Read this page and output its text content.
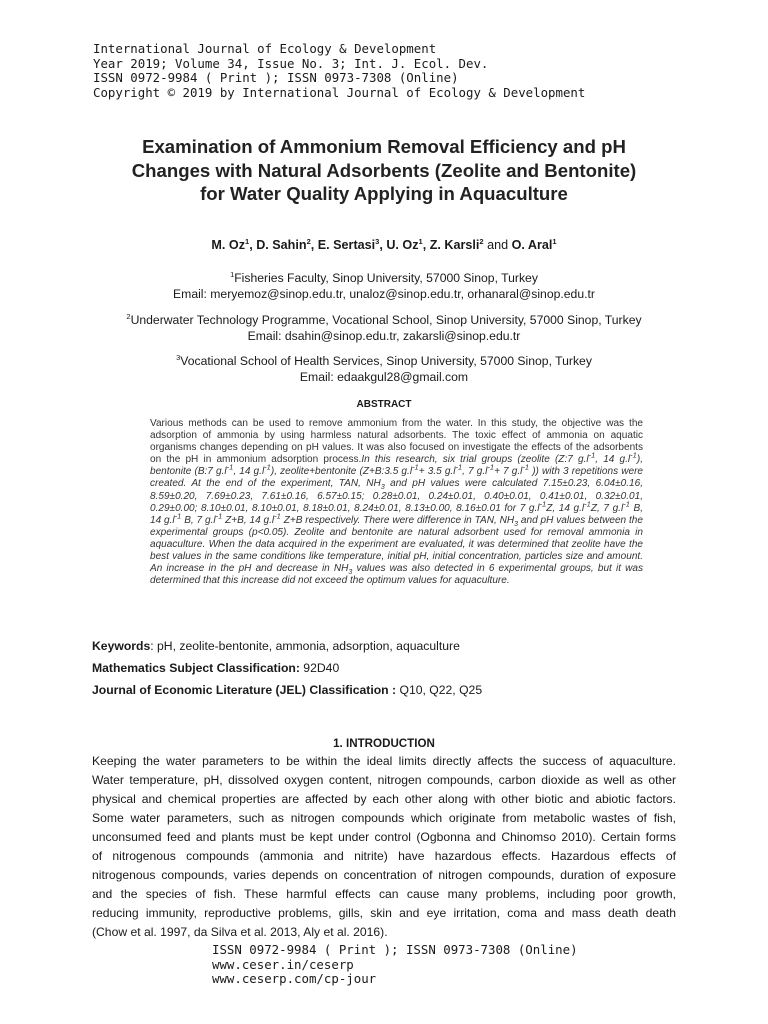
International Journal of Ecology & Development
Year 2019; Volume 34, Issue No. 3; Int. J. Ecol. Dev.
ISSN 0972-9984 ( Print ); ISSN 0973-7308 (Online)
Copyright © 2019 by International Journal of Ecology & Development
Examination of Ammonium Removal Efficiency and pH
Changes with Natural Adsorbents (Zeolite and Bentonite)
for Water Quality Applying in Aquaculture
M. Oz$^1$, D. Sahin$^2$, E. Sertasi$^3$, U. Oz$^1$, Z. Karsli$^2$ and O. Aral$^1$
$^1$Fisheries Faculty, Sinop University, 57000 Sinop, Turkey
Email: meryemoz@sinop.edu.tr, unaloz@sinop.edu.tr, orhanaral@sinop.edu.tr
$^2$Underwater Technology Programme, Vocational School, Sinop University, 57000 Sinop, Turkey
Email: dsahin@sinop.edu.tr, zakarsli@sinop.edu.tr
$^3$Vocational School of Health Services, Sinop University, 57000 Sinop, Turkey
Email: edaakgul28@gmail.com
ABSTRACT
Various methods can be used to remove ammonium from the water. In this study, the objective was the adsorption of ammonia by using harmless natural adsorbents. The toxic effect of ammonia on aquatic organisms changes depending on pH values. It was also focused on investigate the effects of the adsorbents on the pH in ammonium adsorption process.In this research, six trial groups (zeolite (Z:7 $g.l^{-1}$, 14 $g.l^{-1}$), bentonite (B:7 $g.l^{-1}$, 14 $g.l^{-1}$), zeolite+bentonite (Z+B:3.5 $g.l^{-1}+ 3.5$ $g.l^{-1}$, 7 $g.l^{-1}+ 7$ $g.l^{-1}$ )) with 3 repetitions were created. At the end of the experiment, TAN, $NH_3$ and pH values were calculated 7.15±0.23, 6.04±0.16, 8.59±0.20, 7.69±0.23, 7.61±0.16, 6.57±0.15; 0.28±0.01, 0.24±0.01, 0.40±0.01, 0.41±0.01, 0.32±0.01, 0.29±0.00; 8.10±0.01, 8.10±0.01, 8.18±0.01, 8.24±0.01, 8.13±0.00, 8.16±0.01 for 7 $g.l^{-1}Z$, 14 $g.l^{-1}Z$, 7 $g.l^{-1}$ B, 14 $g.l^{-1}$ B, 7 $g.l^{-1}$ Z+B, 14 $g.l^{-1}$ Z+B respectively. There were difference in TAN, $NH_3$ and pH values between the experimental groups (p<0.05). Zeolite and bentonite are natural adsorbent used for removal ammonia in aquaculture. When the data acquired in the experiment are evaluated, it was determined that zeolite have the best values in the same conditions like temperature, initial pH, initial concentration, particles size and amount. An increase in the pH and decrease in $NH_3$ values was also detected in 6 experimental groups, but it was determined that this increase did not exceed the optimum values for aquaculture.
Keywords: pH, zeolite-bentonite, ammonia, adsorption, aquaculture
Mathematics Subject Classification: 92D40
Journal of Economic Literature (JEL) Classification : Q10, Q22, Q25
1. INTRODUCTION
Keeping the water parameters to be within the ideal limits directly affects the success of aquaculture.
Water temperature, pH, dissolved oxygen content, nitrogen compounds, carbon dioxide as well as other
physical and chemical properties are affected by each other along with other biotic and abiotic factors.
Some water parameters, such as nitrogen compounds which originate from metabolic wastes of fish,
unconsumed feed and plants must be kept under control (Ogbonna and Chinomso 2010). Certain forms
of nitrogenous compounds (ammonia and nitrite) have hazardous effects. Hazardous effects of
nitrogenous compounds, varies depends on concentration of nitrogen compounds, duration of exposure
and the species of fish. These harmful effects can cause many problems, including poor growth,
reducing immunity, reproductive problems, gills, skin and eye irritation, coma and mass death death
(Chow et al. 1997, da Silva et al. 2013, Aly et al. 2016).
ISSN 0972-9984 ( Print ); ISSN 0973-7308 (Online)
www.ceser.in/ceserp
www.ceserp.com/cp-jour
